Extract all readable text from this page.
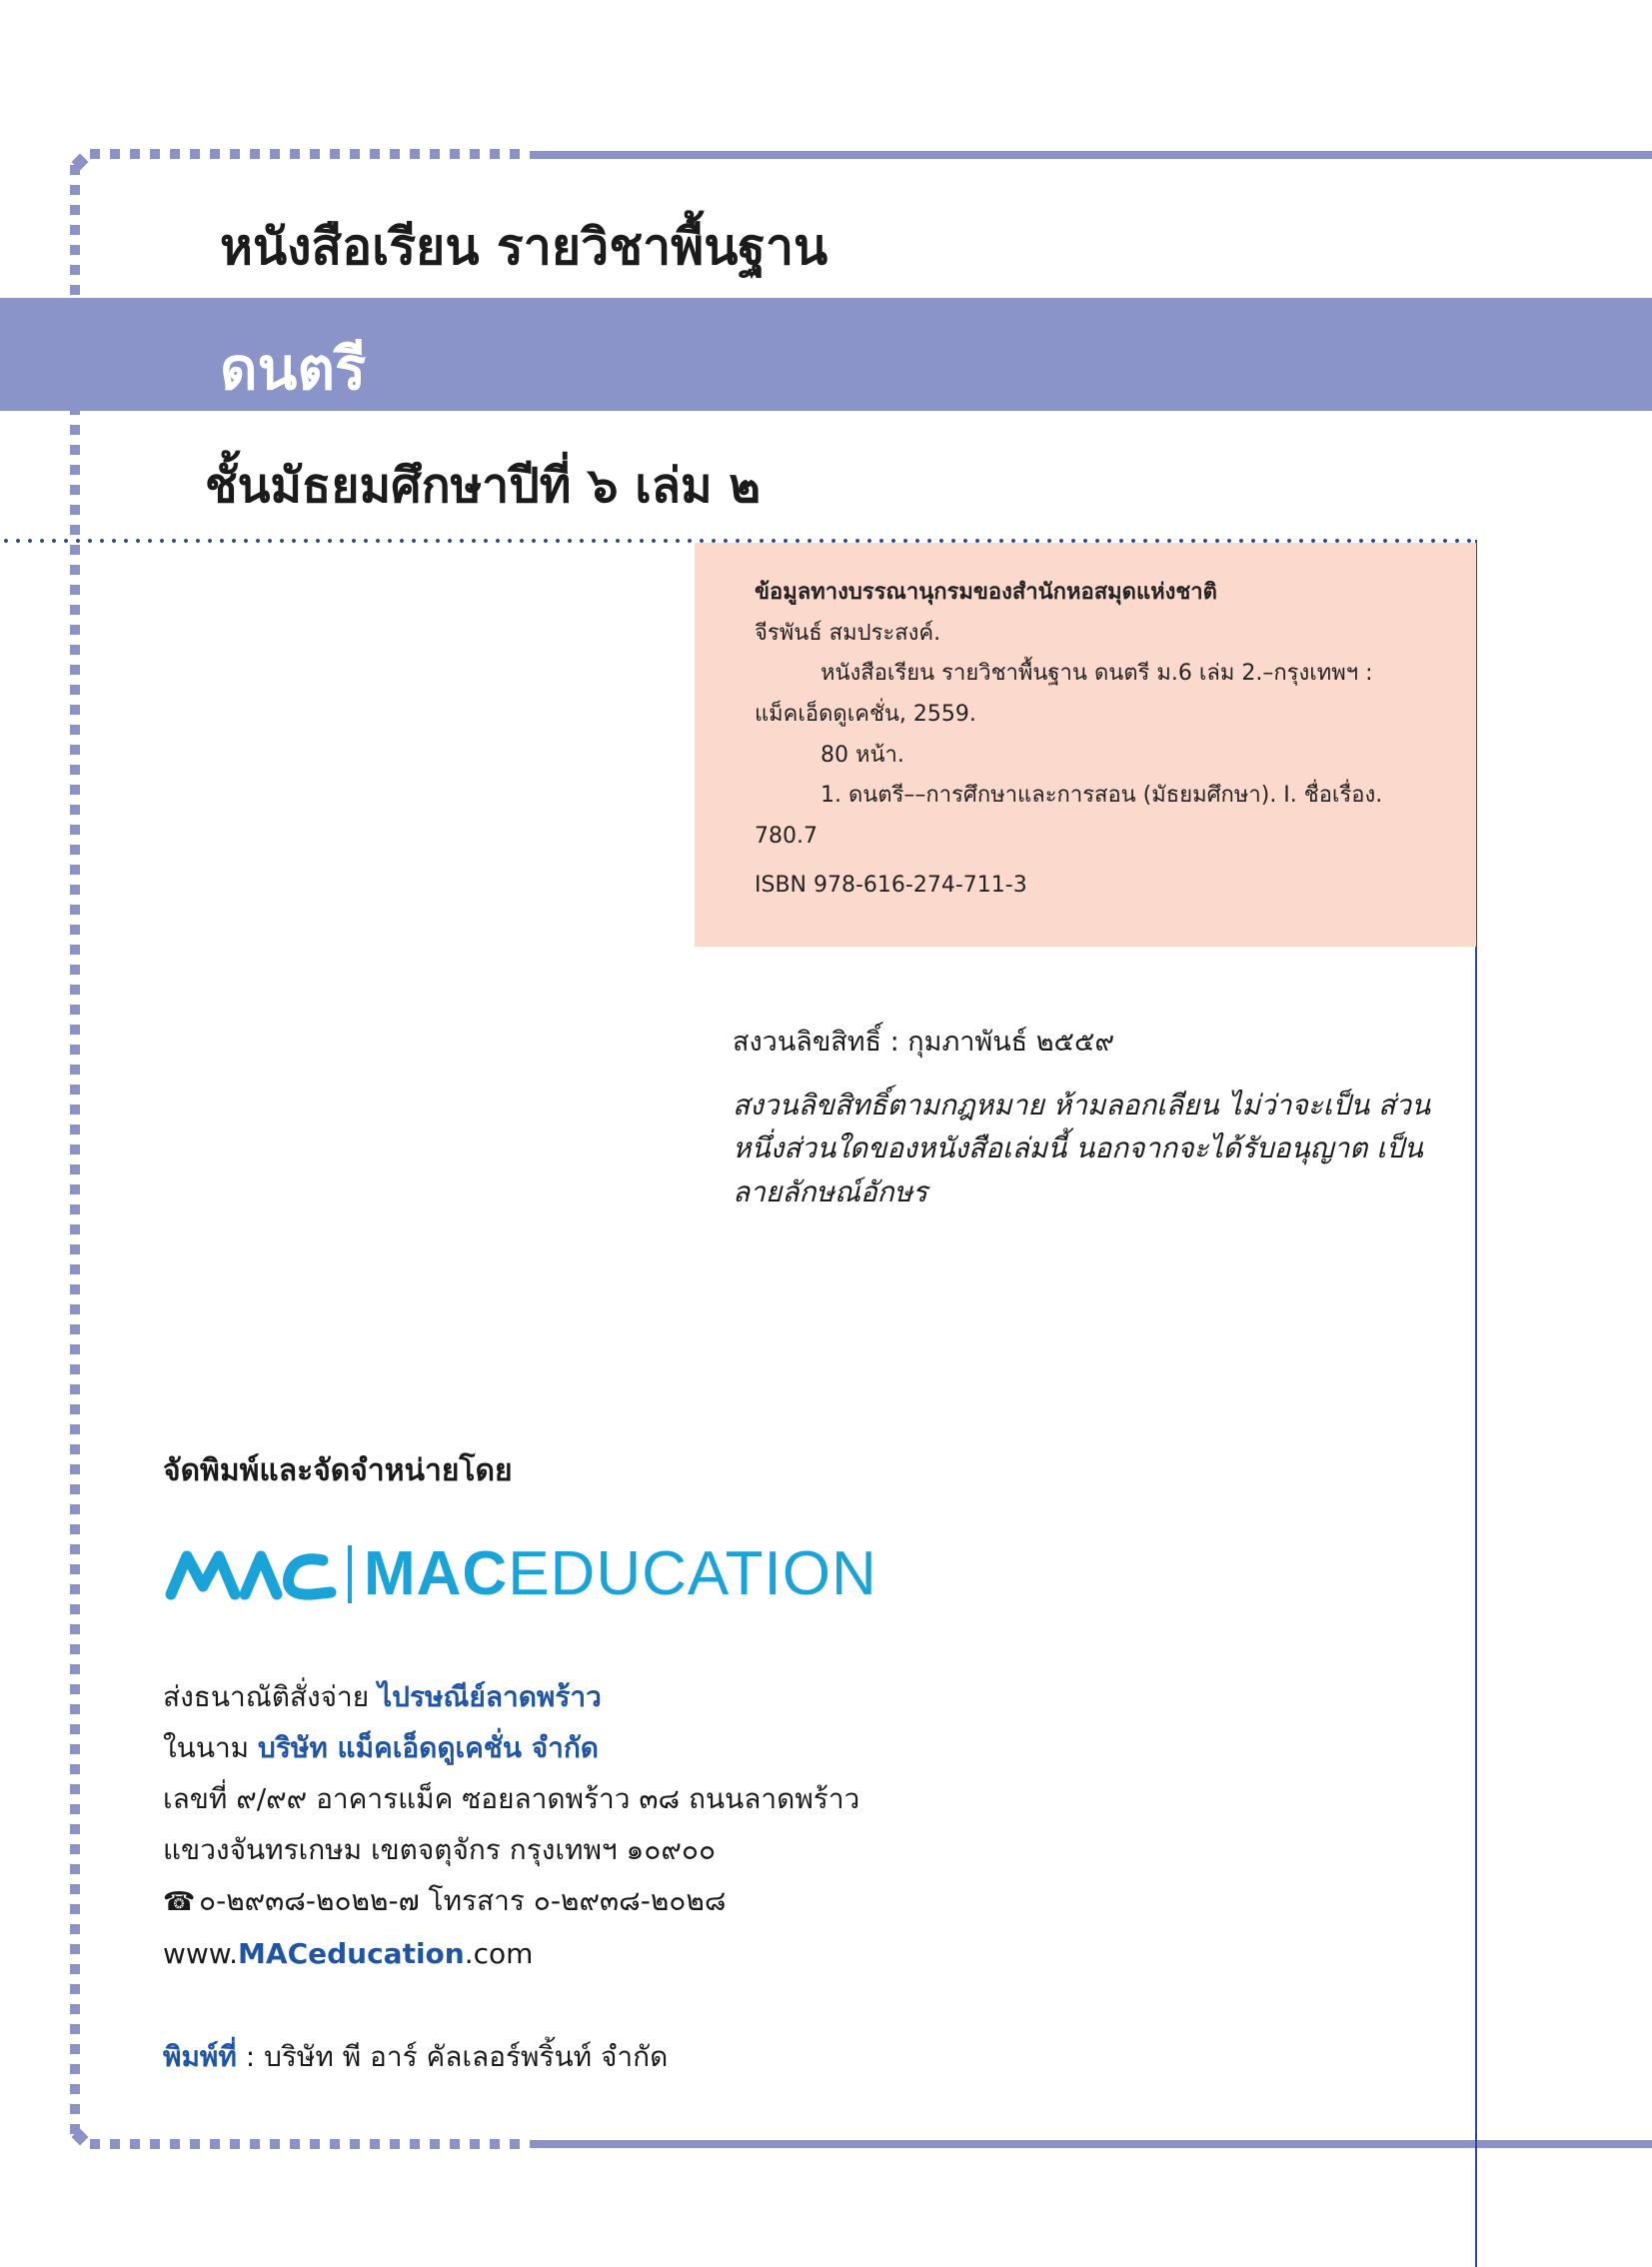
หนังสือเรียน รายวิชาพื้นฐาน
ดนตรี
ชั้นมัธยมศึกษาปีที่ ๖ เล่ม ๒
ข้อมูลทางบรรณานุกรมของสำนักหอสมุดแห่งชาติ
จีรพันธ์ สมประสงค์.
หนังสือเรียน รายวิชาพื้นฐาน ดนตรี ม.6 เล่ม 2.–กรุงเทพฯ :
แม็คเอ็ดดูเคชั่น, 2559.
80 หน้า.
1. ดนตรี––การศึกษาและการสอน (มัธยมศึกษา). I. ชื่อเรื่อง.
780.7
ISBN 978-616-274-711-3
สงวนลิขสิทธิ์ : กุมภาพันธ์ ๒๕๕๙
สงวนลิขสิทธิ์ตามกฎหมาย ห้ามลอกเลียน ไม่ว่าจะเป็น ส่วนหนึ่งส่วนใดของหนังสือเล่มนี้ นอกจากจะได้รับอนุญาต เป็นลายลักษณ์อักษร
จัดพิมพ์และจัดจำหน่ายโดย
MACEDUCATION
ส่งธนาณัติสั่งจ่าย ไปรษณีย์ลาดพร้าว
ในนาม บริษัท แม็คเอ็ดดูเคชั่น จำกัด
เลขที่ ๙/๙๙ อาคารแม็ค ซอยลาดพร้าว ๓๘ ถนนลาดพร้าว
แขวงจันทรเกษม เขตจตุจักร กรุงเทพฯ ๑๐๙๐๐
☎ ๐-๒๙๓๘-๒๐๒๒-๗ โทรสาร ๐-๒๙๓๘-๒๐๒๘
www.MACeducation.com
พิมพ์ที่ : บริษัท พี อาร์ คัลเลอร์พริ้นท์ จำกัด
